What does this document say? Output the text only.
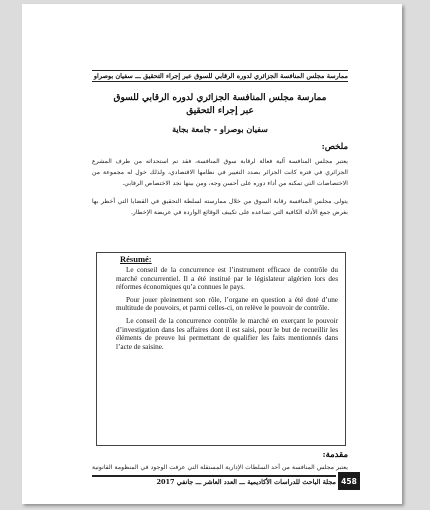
ممارسة مجلس المنافسة الجزائري لدوره الرقابي للسوق عبر إجراء التحقيق ـــ سفيان بوصراو
ممارسة مجلس المنافسة الجزائري لدوره الرقابي للسوق
عبر إجراء التحقيق
سفيان بوصراو - جامعة بجاية
ملخص:

يعتبر مجلس المنافسة آلية فعالة لرقابة سوق المنافسة، فقد تم استحداثه من طرف المشرع الجزائري في فترة كانت الجزائر بصدد التغيير في نظامها الاقتصادي، ولذلك خول له مجموعة من الاختصاصات التي تمكنه من أداء دوره على أحسن وجه، ومن بينها نجد الاختصاص الرقابي.

يتولى مجلس المنافسة رقابة السوق من خلال ممارسته لسلطة التحقيق في القضايا التي أخطر بها بغرض جمع الأدلة الكافية التي تساعده على تكييف الوقائع الواردة في عريضة الإخطار.

Résumé:

Le conseil de la concurrence est l’instrument efficace de contrôle du marché concurrentiel. Il a été institué par le législateur algérien lors des réformes économiques qu’a connues le pays.

Pour jouer pleinement son rôle, l’organe en question a été doté d’une multitude de pouvoirs, et parmi celles-ci, on relève le pouvoir de contrôle.

Le conseil de la concurrence contrôle le marché en exerçant le pouvoir d’investigation dans les affaires dont il est saisi, pour le but de recueillir les éléments de preuve lui permettant de qualifier les faits mentionnés dans l’acte de saisine.

مقدمة:

يعتبر مجلس المنافسة من أحد السلطات الإدارية المستقلة التي عرفت الوجود في المنظومة القانونية

مجلة الباحث للدراسات الأكاديمية ـــ العدد العاشر ـــ جانفي 2017 458
